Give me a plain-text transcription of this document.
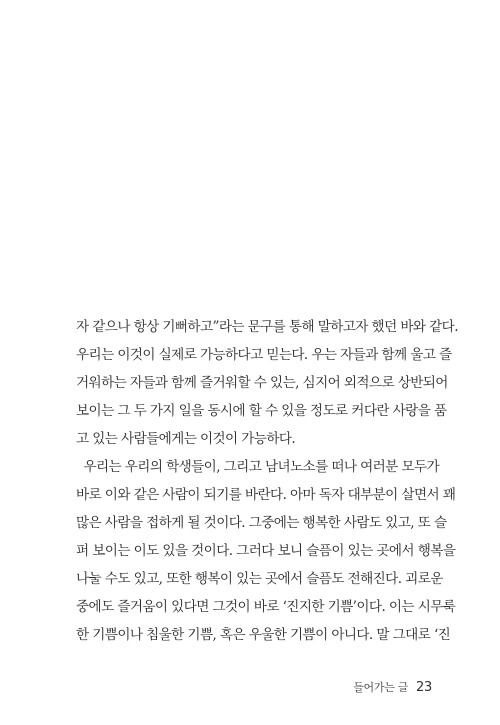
자 같으나 항상 기뻐하고”라는 문구를 통해 말하고자 했던 바와 같다.
우리는 이것이 실제로 가능하다고 믿는다. 우는 자들과 함께 울고 즐
거워하는 자들과 함께 즐거워할 수 있는, 심지어 외적으로 상반되어
보이는 그 두 가지 일을 동시에 할 수 있을 정도로 커다란 사랑을 품
고 있는 사람들에게는 이것이 가능하다.
우리는 우리의 학생들이, 그리고 남녀노소를 떠나 여러분 모두가
바로 이와 같은 사람이 되기를 바란다. 아마 독자 대부분이 살면서 꽤
많은 사람을 접하게 될 것이다. 그중에는 행복한 사람도 있고, 또 슬
퍼 보이는 이도 있을 것이다. 그러다 보니 슬픔이 있는 곳에서 행복을
나눌 수도 있고, 또한 행복이 있는 곳에서 슬픔도 전해진다. 괴로운
중에도 즐거움이 있다면 그것이 바로 ‘진지한 기쁨’이다. 이는 시무룩
한 기쁨이나 침울한 기쁨, 혹은 우울한 기쁨이 아니다. 말 그대로 ‘진
들어가는 글 23
